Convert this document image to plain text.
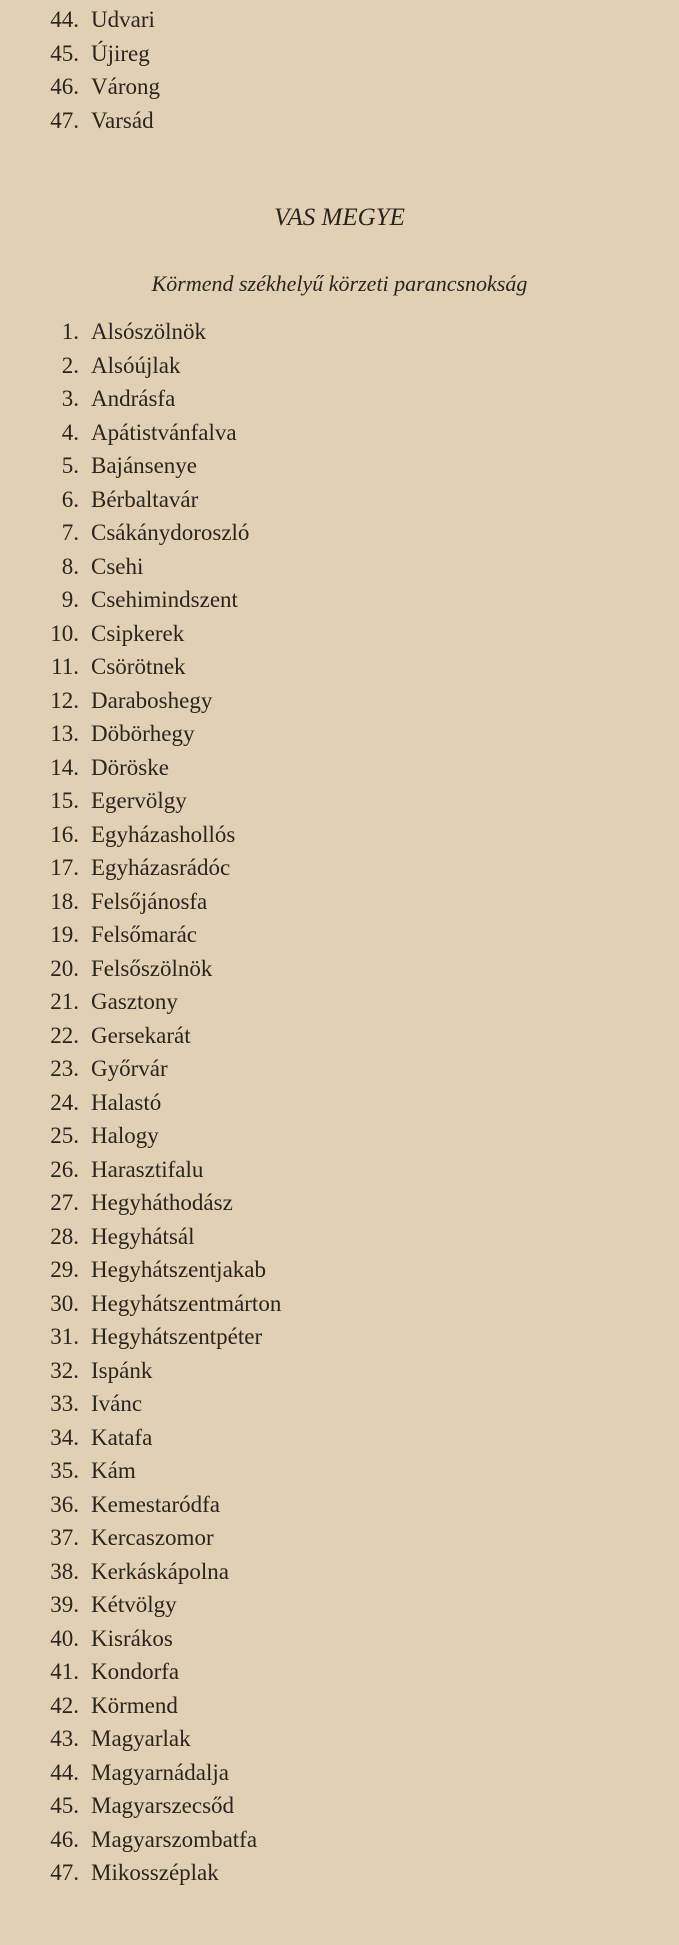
44. Udvari
45. Újireg
46. Várong
47. Varsád
VAS MEGYE
Körmend székhelyű körzeti parancsnokság
1. Alsószölnök
2. Alsóújlak
3. Andrásfa
4. Apátistvánfalva
5. Bajánsenye
6. Bérbaltavár
7. Csákánydoroszló
8. Csehi
9. Csehimindszent
10. Csipkerek
11. Csörötnek
12. Daraboshegy
13. Döbörhegy
14. Döröske
15. Egervölgy
16. Egyházashollós
17. Egyházasrádóc
18. Felsőjánosfa
19. Felsőmarác
20. Felsőszölnök
21. Gasztony
22. Gersekarát
23. Győrvár
24. Halastó
25. Halogy
26. Harasztifalu
27. Hegyháthodász
28. Hegyhátsál
29. Hegyhátszentjakab
30. Hegyhátszentmárton
31. Hegyhátszentpéter
32. Ispánk
33. Ivánc
34. Katafa
35. Kám
36. Kemestaródfa
37. Kercaszomor
38. Kerkáskápolna
39. Kétvölgy
40. Kisrákos
41. Kondorfa
42. Körmend
43. Magyarlak
44. Magyarnádalja
45. Magyarszecsőd
46. Magyarszombatfa
47. Mikosszéplak
